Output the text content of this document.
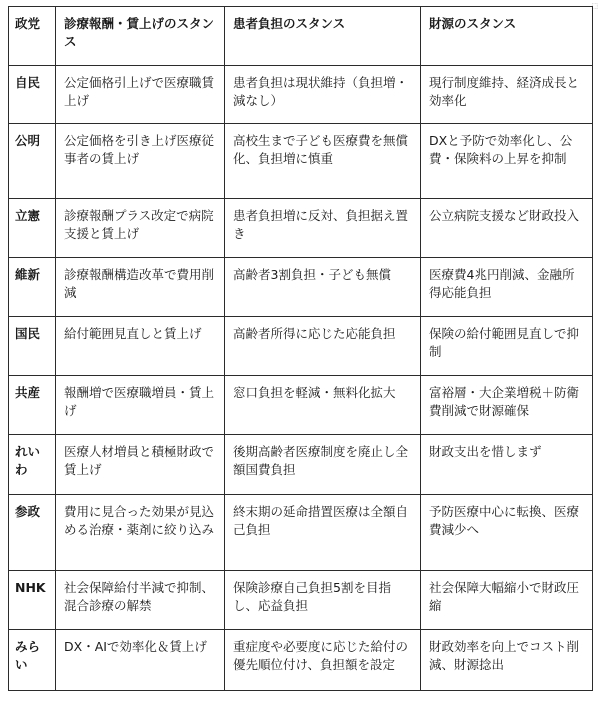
⬚
政党	診療報酬・賃上げのスタンス	患者負担のスタンス	財源のスタンス
自民	公定価格引上げで医療職賃上げ	患者負担は現状維持（負担増・減なし）	現行制度維持、経済成長と効率化
公明	公定価格を引き上げ医療従事者の賃上げ	高校生まで子ども医療費を無償化、負担増に慎重	DXと予防で効率化し、公費・保険料の上昇を抑制
立憲	診療報酬プラス改定で病院支援と賃上げ	患者負担増に反対、負担据え置き	公立病院支援など財政投入
維新	診療報酬構造改革で費用削減	高齢者3割負担・子ども無償	医療費4兆円削減、金融所得応能負担
国民	給付範囲見直しと賃上げ	高齢者所得に応じた応能負担	保険の給付範囲見直しで抑制
共産	報酬増で医療職増員・賃上げ	窓口負担を軽減・無料化拡大	富裕層・大企業増税＋防衛費削減で財源確保
れいわ	医療人材増員と積極財政で賃上げ	後期高齢者医療制度を廃止し全額国費負担	財政支出を惜しまず
参政	費用に見合った効果が見込める治療・薬剤に絞り込み	終末期の延命措置医療は全額自己負担	予防医療中心に転換、医療費減少へ
NHK	社会保障給付半減で抑制、混合診療の解禁	保険診療自己負担5割を目指し、応益負担	社会保障大幅縮小で財政圧縮
みらい	DX・AIで効率化＆賃上げ	重症度や必要度に応じた給付の優先順位付け、負担額を設定	財政効率を向上でコスト削減、財源捻出
